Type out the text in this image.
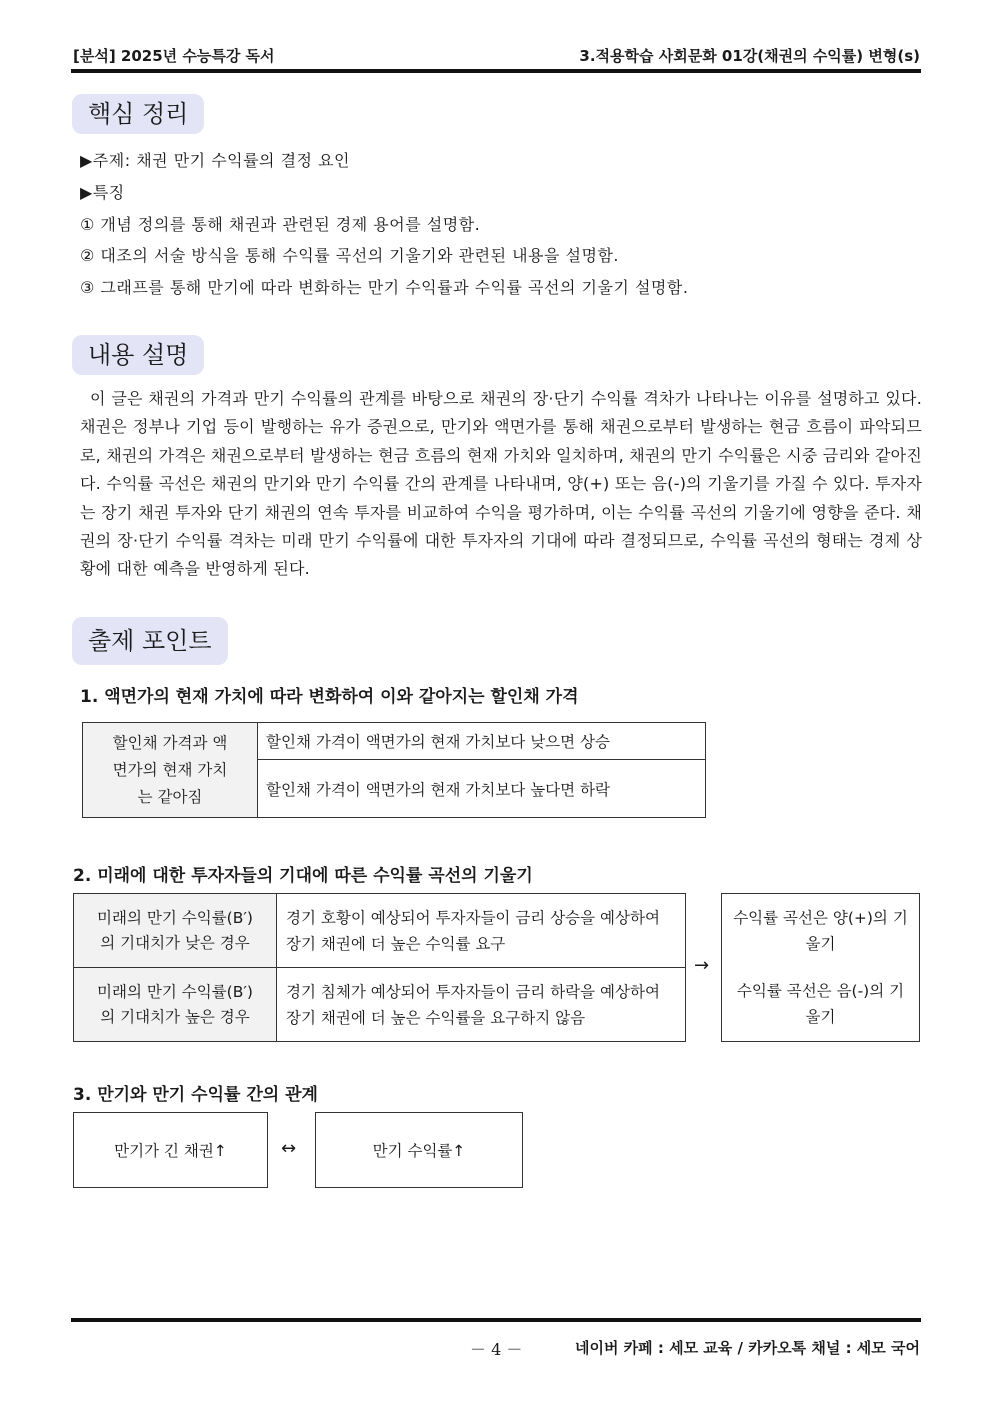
[분석] 2025년 수능특강 독서	3.적용학습 사회문화 01강(채권의 수익률) 변형(s)
핵심 정리
▶주제: 채권 만기 수익률의 결정 요인
▶특징
① 개념 정의를 통해 채권과 관련된 경제 용어를 설명함.
② 대조의 서술 방식을 통해 수익률 곡선의 기울기와 관련된 내용을 설명함.
③ 그래프를 통해 만기에 따라 변화하는 만기 수익률과 수익률 곡선의 기울기 설명함.
내용 설명
이 글은 채권의 가격과 만기 수익률의 관계를 바탕으로 채권의 장·단기 수익률 격차가 나타나는 이유를 설명하고 있다. 채권은 정부나 기업 등이 발행하는 유가 증권으로, 만기와 액면가를 통해 채권으로부터 발생하는 현금 흐름이 파악되므로, 채권의 가격은 채권으로부터 발생하는 현금 흐름의 현재 가치와 일치하며, 채권의 만기 수익률은 시중 금리와 같아진다. 수익률 곡선은 채권의 만기와 만기 수익률 간의 관계를 나타내며, 양(+) 또는 음(-)의 기울기를 가질 수 있다. 투자자는 장기 채권 투자와 단기 채권의 연속 투자를 비교하여 수익을 평가하며, 이는 수익률 곡선의 기울기에 영향을 준다. 채권의 장·단기 수익률 격차는 미래 만기 수익률에 대한 투자자의 기대에 따라 결정되므로, 수익률 곡선의 형태는 경제 상황에 대한 예측을 반영하게 된다.
출제 포인트
1. 액면가의 현재 가치에 따라 변화하여 이와 같아지는 할인채 가격
할인채 가격과 액면가의 현재 가치는 같아짐
	할인채 가격이 액면가의 현재 가치보다 낮으면 상승
할인채 가격이 액면가의 현재 가치보다 높다면 하락
2. 미래에 대한 투자자들의 기대에 따른 수익률 곡선의 기울기
미래의 만기 수익률(B′)의 기대치가 낮은 경우	경기 호황이 예상되어 투자자들이 금리 상승을 예상하여 장기 채권에 더 높은 수익률 요구

미래의 만기 수익률(B′)의 기대치가 높은 경우	경기 침체가 예상되어 투자자들이 금리 하락을 예상하여 장기 채권에 더 높은 수익률을 요구하지 않음
→
수익률 곡선은 양(+)의 기울기
수익률 곡선은 음(-)의 기울기
3. 만기와 만기 수익률 간의 관계
만기가 긴 채권↑	↔	만기 수익률↑
－ 4 －	네이버 카페 : 세모 교육 / 카카오톡 채널 : 세모 국어
